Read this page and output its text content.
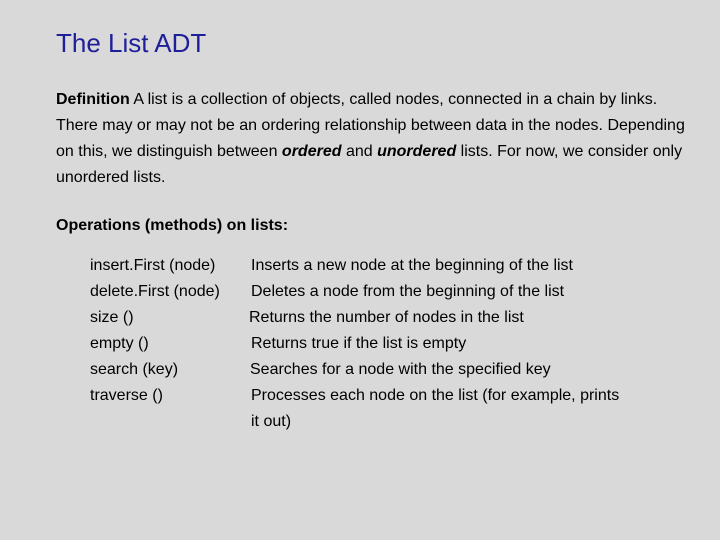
The List ADT
Definition A list is a collection of objects, called nodes, connected in a chain by links. There may or may not be an ordering relationship between data in the nodes. Depending on this, we distinguish between ordered and unordered lists. For now, we consider only unordered lists.
Operations (methods) on lists:
insert.First (node) Inserts a new node at the beginning of the list
delete.First (node) Deletes a node from the beginning of the list
size ()	Returns the number of nodes in the list
empty ()	Returns true if the list is empty
search (key)	Searches for a node with the specified key
traverse ()	Processes each node on the list (for example, prints it out)
